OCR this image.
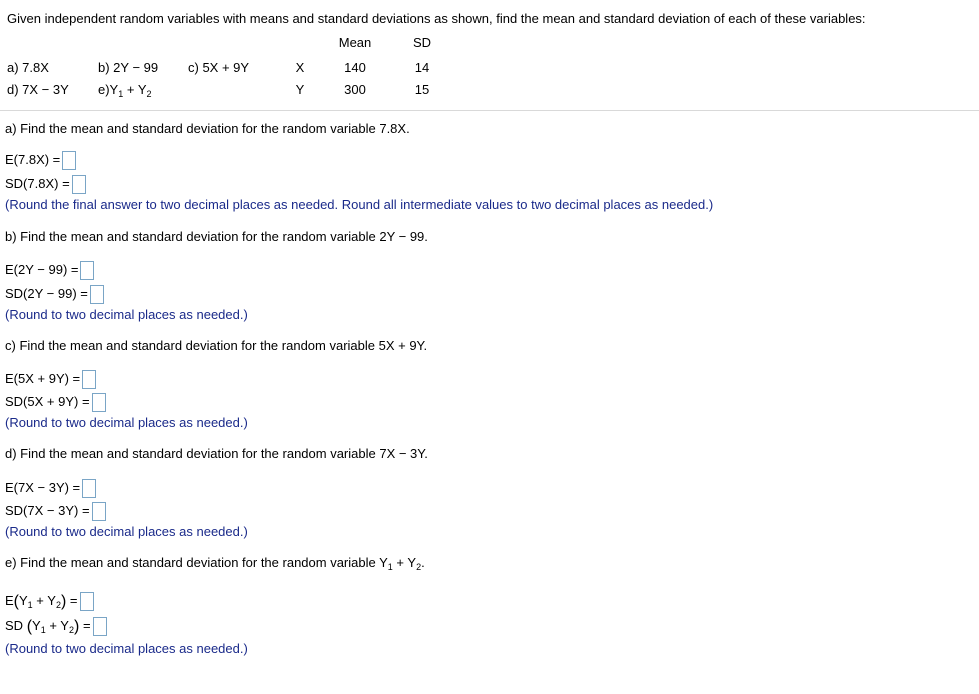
Given independent random variables with means and standard deviations as shown, find the mean and standard deviation of each of these variables:
Mean	SD
a) 7.8X	b) 2Y − 99 c) 5X + 9Y
d) 7X − 3Y $e)Y_1 + Y_2$
X	140	14
Y	300	15
a) Find the mean and standard deviation for the random variable 7.8X.
E(7.8X) =
SD(7.8X) =
(Round the final answer to two decimal places as needed. Round all intermediate values to two decimal places as needed.)
b) Find the mean and standard deviation for the random variable 2Y − 99.
E(2Y − 99) =
SD(2Y − 99) =
(Round to two decimal places as needed.)
c) Find the mean and standard deviation for the random variable 5X + 9Y.
E(5X + 9Y) =
SD(5X + 9Y) =
(Round to two decimal places as needed.)
d) Find the mean and standard deviation for the random variable 7X − 3Y.
E(7X − 3Y) =
SD(7X − 3Y) =
(Round to two decimal places as needed.)
e) Find the mean and standard deviation for the random variable $Y_1 + Y_2$.
$E(Y_1 + Y_2)$ =
SD $(Y_1 + Y_2)$ =
(Round to two decimal places as needed.)
